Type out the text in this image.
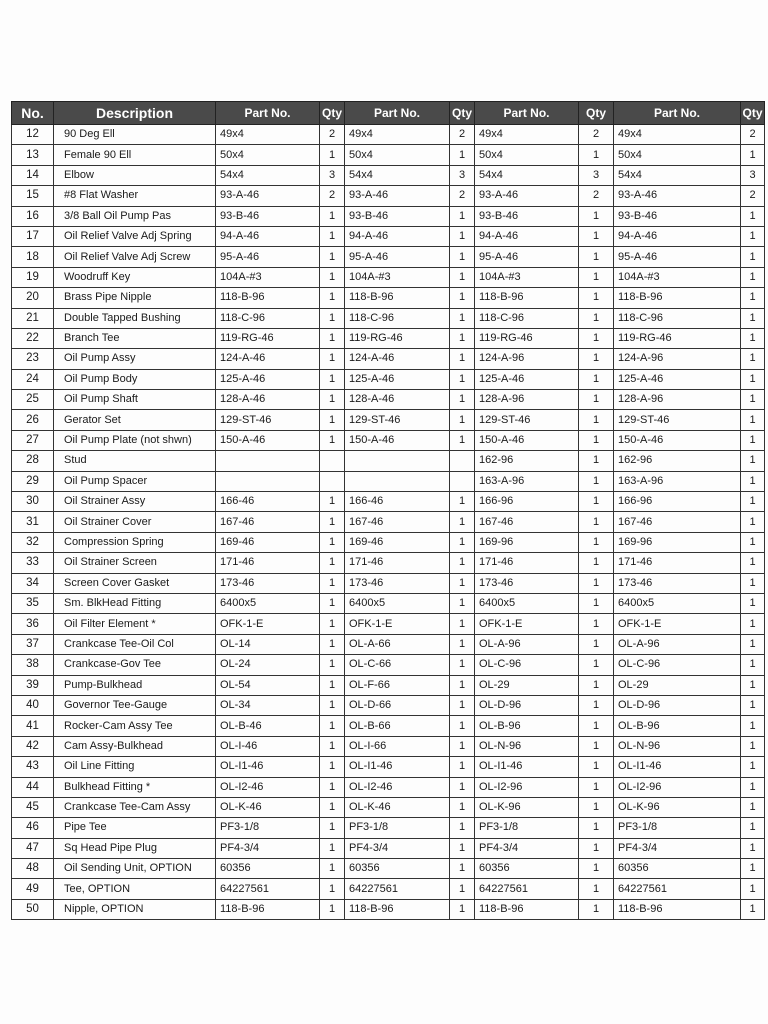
No.	Description	Part No.	Qty	Part No.	Qty	Part No.	Qty	Part No.	Qty
12	90 Deg Ell	49x4	2	49x4	2	49x4	2	49x4	2
13	Female 90 Ell	50x4	1	50x4	1	50x4	1	50x4	1
14	Elbow	54x4	3	54x4	3	54x4	3	54x4	3
15	#8 Flat Washer	93-A-46	2	93-A-46	2	93-A-46	2	93-A-46	2
16	3/8 Ball Oil Pump Pas	93-B-46	1	93-B-46	1	93-B-46	1	93-B-46	1
17	Oil Relief Valve Adj Spring	94-A-46	1	94-A-46	1	94-A-46	1	94-A-46	1
18	Oil Relief Valve Adj Screw	95-A-46	1	95-A-46	1	95-A-46	1	95-A-46	1
19	Woodruff Key	104A-#3	1	104A-#3	1	104A-#3	1	104A-#3	1
20	Brass Pipe Nipple	118-B-96	1	118-B-96	1	118-B-96	1	118-B-96	1
21	Double Tapped Bushing	118-C-96	1	118-C-96	1	118-C-96	1	118-C-96	1
22	Branch Tee	119-RG-46	1	119-RG-46	1	119-RG-46	1	119-RG-46	1
23	Oil Pump Assy	124-A-46	1	124-A-46	1	124-A-96	1	124-A-96	1
24	Oil Pump Body	125-A-46	1	125-A-46	1	125-A-46	1	125-A-46	1
25	Oil Pump Shaft	128-A-46	1	128-A-46	1	128-A-96	1	128-A-96	1
26	Gerator Set	129-ST-46	1	129-ST-46	1	129-ST-46	1	129-ST-46	1
27	Oil Pump Plate (not shwn)	150-A-46	1	150-A-46	1	150-A-46	1	150-A-46	1
28	Stud					162-96	1	162-96	1
29	Oil Pump Spacer					163-A-96	1	163-A-96	1
30	Oil Strainer Assy	166-46	1	166-46	1	166-96	1	166-96	1
31	Oil Strainer Cover	167-46	1	167-46	1	167-46	1	167-46	1
32	Compression Spring	169-46	1	169-46	1	169-96	1	169-96	1
33	Oil Strainer Screen	171-46	1	171-46	1	171-46	1	171-46	1
34	Screen Cover Gasket	173-46	1	173-46	1	173-46	1	173-46	1
35	Sm. BlkHead Fitting	6400x5	1	6400x5	1	6400x5	1	6400x5	1
36	Oil Filter Element *	OFK-1-E	1	OFK-1-E	1	OFK-1-E	1	OFK-1-E	1
37	Crankcase Tee-Oil Col	OL-14	1	OL-A-66	1	OL-A-96	1	OL-A-96	1
38	Crankcase-Gov Tee	OL-24	1	OL-C-66	1	OL-C-96	1	OL-C-96	1
39	Pump-Bulkhead	OL-54	1	OL-F-66	1	OL-29	1	OL-29	1
40	Governor Tee-Gauge	OL-34	1	OL-D-66	1	OL-D-96	1	OL-D-96	1
41	Rocker-Cam Assy Tee	OL-B-46	1	OL-B-66	1	OL-B-96	1	OL-B-96	1
42	Cam Assy-Bulkhead	OL-I-46	1	OL-I-66	1	OL-N-96	1	OL-N-96	1
43	Oil Line Fitting	OL-I1-46	1	OL-I1-46	1	OL-I1-46	1	OL-I1-46	1
44	Bulkhead Fitting *	OL-I2-46	1	OL-I2-46	1	OL-I2-96	1	OL-I2-96	1
45	Crankcase Tee-Cam Assy	OL-K-46	1	OL-K-46	1	OL-K-96	1	OL-K-96	1
46	Pipe Tee	PF3-1/8	1	PF3-1/8	1	PF3-1/8	1	PF3-1/8	1
47	Sq Head Pipe Plug	PF4-3/4	1	PF4-3/4	1	PF4-3/4	1	PF4-3/4	1
48	Oil Sending Unit, OPTION	60356	1	60356	1	60356	1	60356	1
49	Tee, OPTION	64227561	1	64227561	1	64227561	1	64227561	1
50	Nipple, OPTION	118-B-96	1	118-B-96	1	118-B-96	1	118-B-96	1
